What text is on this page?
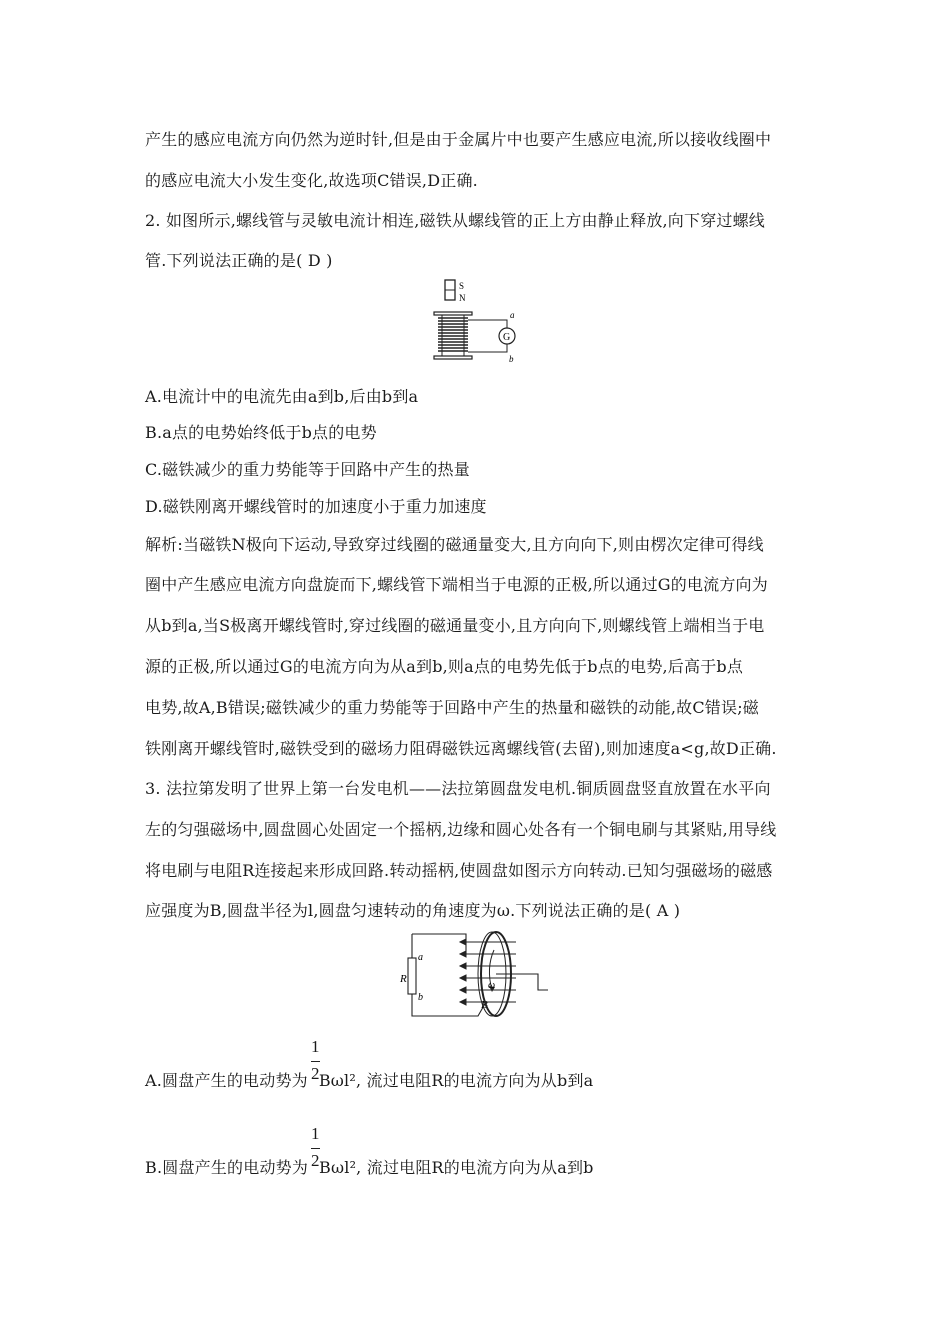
产生的感应电流方向仍然为逆时针,但是由于金属片中也要产生感应电流,所以接收线圈中
的感应电流大小发生变化,故选项C错误,D正确.
2. 如图所示,螺线管与灵敏电流计相连,磁铁从螺线管的正上方由静止释放,向下穿过螺线
管.下列说法正确的是( D )
S
N
G
a
b
A.电流计中的电流先由a到b,后由b到a
B.a点的电势始终低于b点的电势
C.磁铁减少的重力势能等于回路中产生的热量
D.磁铁刚离开螺线管时的加速度小于重力加速度
解析:当磁铁N极向下运动,导致穿过线圈的磁通量变大,且方向向下,则由楞次定律可得线
圈中产生感应电流方向盘旋而下,螺线管下端相当于电源的正极,所以通过G的电流方向为
从b到a,当S极离开螺线管时,穿过线圈的磁通量变小,且方向向下,则螺线管上端相当于电
源的正极,所以通过G的电流方向为从a到b,则a点的电势先低于b点的电势,后高于b点
电势,故A,B错误;磁铁减少的重力势能等于回路中产生的热量和磁铁的动能,故C错误;磁
铁刚离开螺线管时,磁铁受到的磁场力阻碍磁铁远离螺线管(去留),则加速度a<g,故D正确.
3. 法拉第发明了世界上第一台发电机——法拉第圆盘发电机.铜质圆盘竖直放置在水平向
左的匀强磁场中,圆盘圆心处固定一个摇柄,边缘和圆心处各有一个铜电刷与其紧贴,用导线
将电刷与电阻R连接起来形成回路.转动摇柄,使圆盘如图示方向转动.已知匀强磁场的磁感
应强度为B,圆盘半径为l,圆盘匀速转动的角速度为ω.下列说法正确的是( A )
R
a
b
B
ω
A.圆盘产生的电动势为 Bωl², 流过电阻R的电流方向为从b到a
1
2
B.圆盘产生的电动势为 Bωl², 流过电阻R的电流方向为从a到b
1
2
